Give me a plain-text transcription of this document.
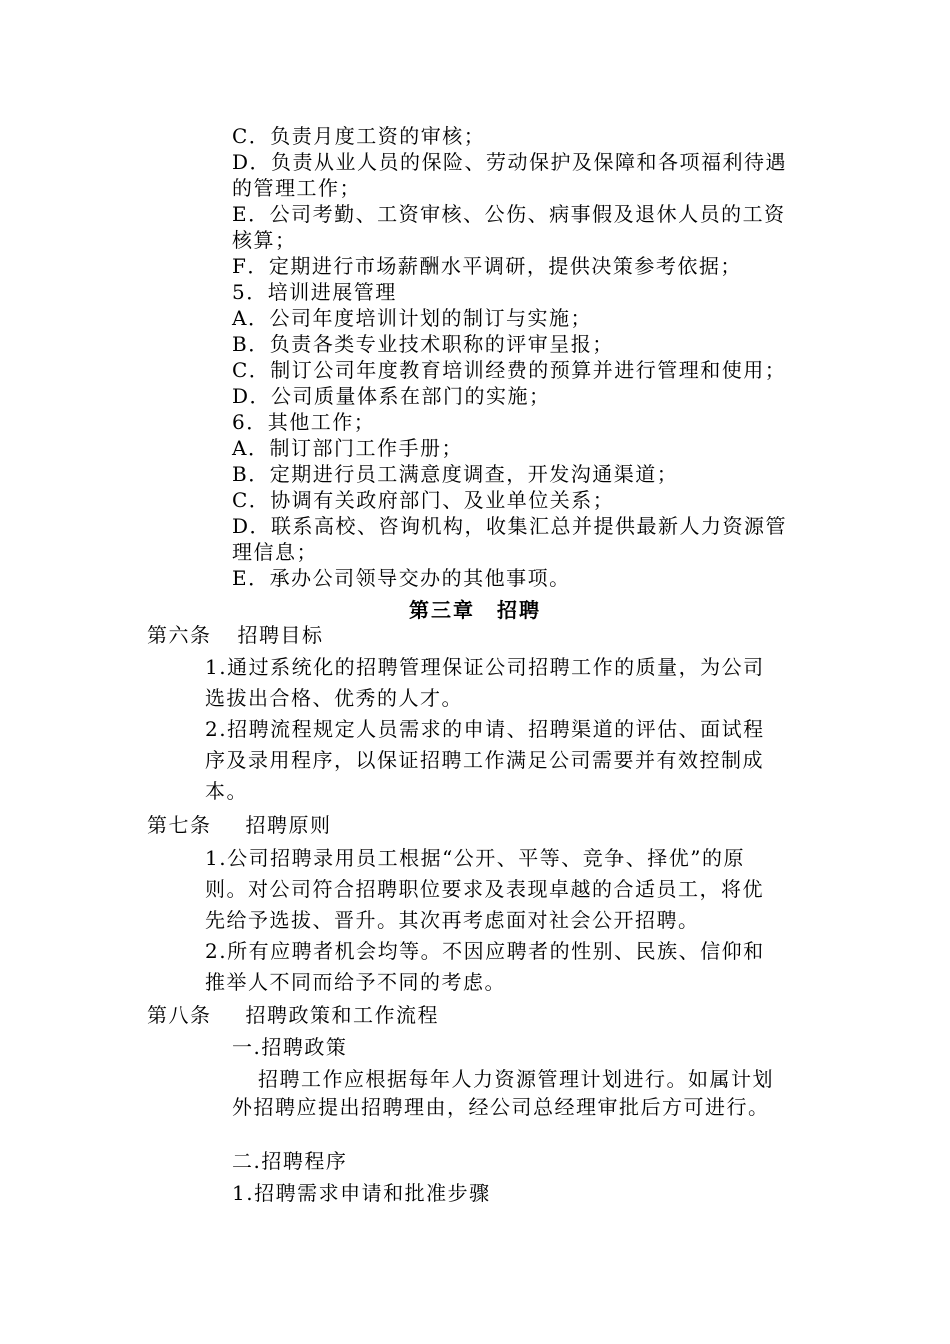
C．负责月度工资的审核；
D．负责从业人员的保险、劳动保护及保障和各项福利待遇
的管理工作；
E．公司考勤、工资审核、公伤、病事假及退休人员的工资
核算；
F．定期进行市场薪酬水平调研，提供决策参考依据；
5．培训进展管理
A．公司年度培训计划的制订与实施；
B．负责各类专业技术职称的评审呈报；
C．制订公司年度教育培训经费的预算并进行管理和使用；
D．公司质量体系在部门的实施；
6．其他工作；
A．制订部门工作手册；
B．定期进行员工满意度调查，开发沟通渠道；
C．协调有关政府部门、及业单位关系；
D．联系高校、咨询机构，收集汇总并提供最新人力资源管
理信息；
E．承办公司领导交办的其他事项。
第三章　招聘
第六条 招聘目标
1.通过系统化的招聘管理保证公司招聘工作的质量，为公司
选拔出合格、优秀的人才。
2.招聘流程规定人员需求的申请、招聘渠道的评估、面试程
序及录用程序，以保证招聘工作满足公司需要并有效控制成
本。
第七条 招聘原则
1.公司招聘录用员工根据“公开、平等、竞争、择优”的原
则。对公司符合招聘职位要求及表现卓越的合适员工，将优
先给予选拔、晋升。其次再考虑面对社会公开招聘。
2.所有应聘者机会均等。不因应聘者的性别、民族、信仰和
推举人不同而给予不同的考虑。
第八条 招聘政策和工作流程
一.招聘政策
招聘工作应根据每年人力资源管理计划进行。如属计划
外招聘应提出招聘理由，经公司总经理审批后方可进行。
二.招聘程序
1.招聘需求申请和批准步骤
